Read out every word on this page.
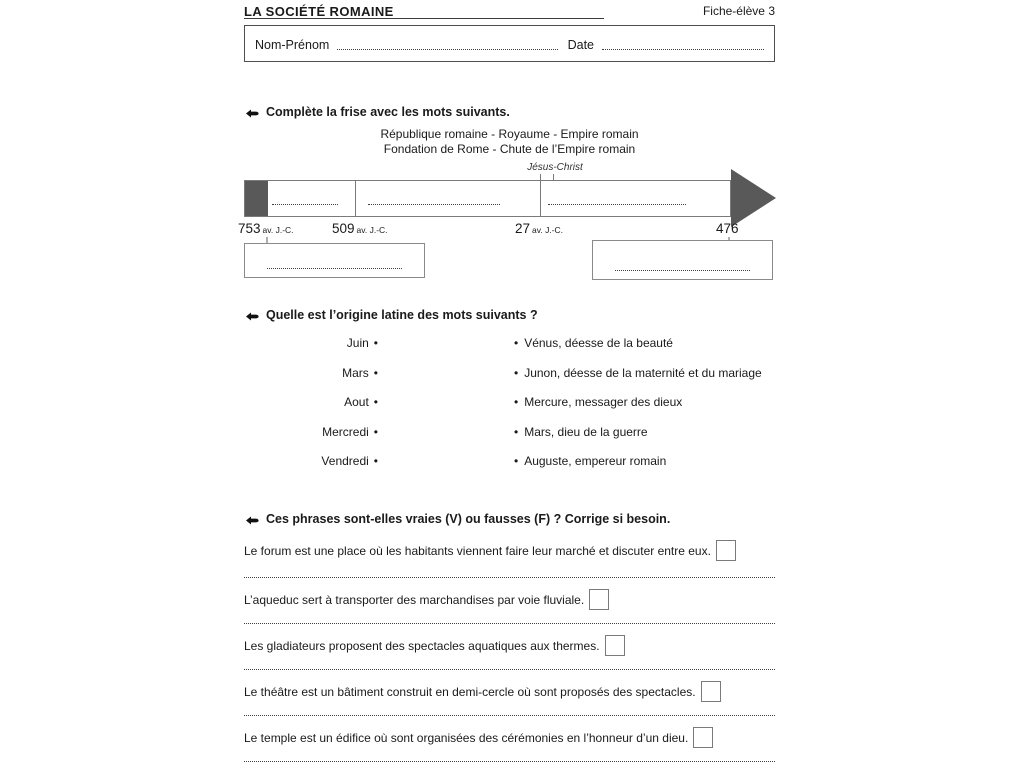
LA SOCIÉTÉ ROMAINE	Fiche-élève 3
Nom-Prénom	Date
Complète la frise avec les mots suivants.
République romaine - Royaume - Empire romain
Fondation de Rome - Chute de l’Empire romain
Jésus-Christ
753 av. J.-C.	509 av. J.-C.	27 av. J.-C.	476
Quelle est l’origine latine des mots suivants ?
Juin •
Mars •
Aout •
Mercredi •
Vendredi •
• Vénus, déesse de la beauté
• Junon, déesse de la maternité et du mariage
• Mercure, messager des dieux
• Mars, dieu de la guerre
• Auguste, empereur romain
Ces phrases sont-elles vraies (V) ou fausses (F) ? Corrige si besoin.
Le forum est une place où les habitants viennent faire leur marché et discuter entre eux.
L’aqueduc sert à transporter des marchandises par voie fluviale.
Les gladiateurs proposent des spectacles aquatiques aux thermes.
Le théâtre est un bâtiment construit en demi-cercle où sont proposés des spectacles.
Le temple est un édifice où sont organisées des cérémonies en l’honneur d’un dieu.
